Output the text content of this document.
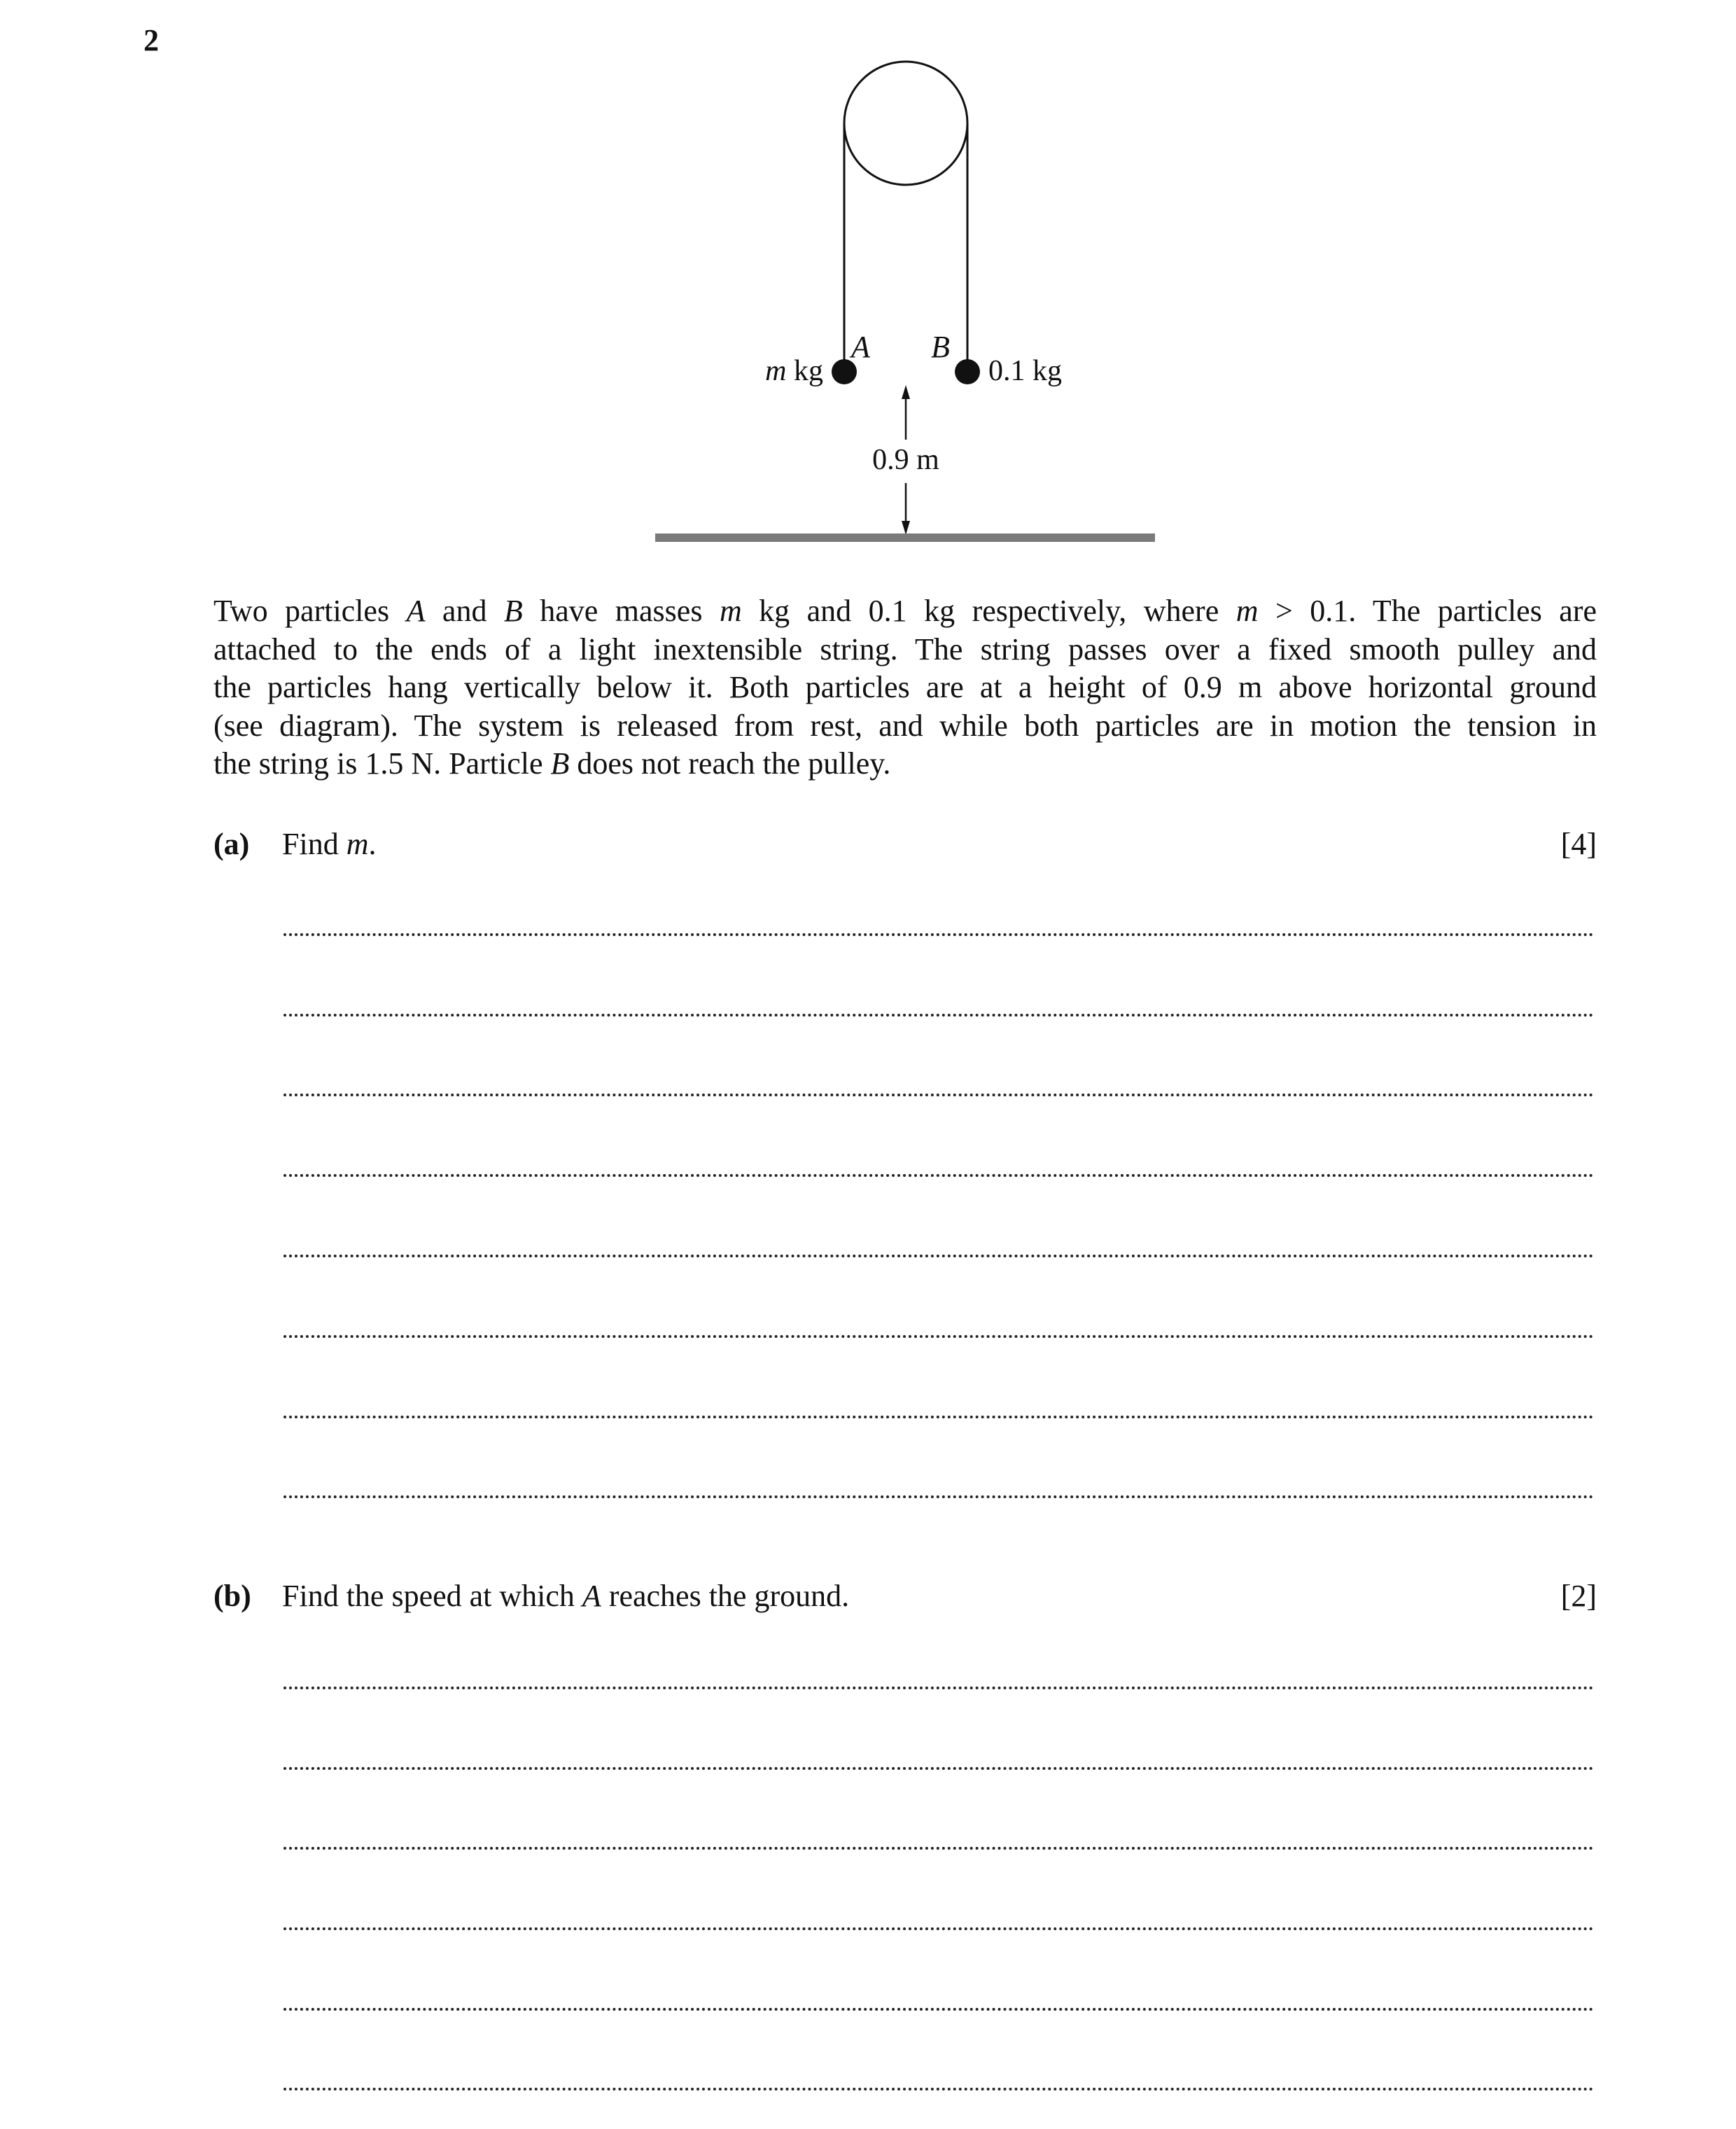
2
A B
m kg	0.1 kg
0.9 m
Two particles A and B have masses m kg and 0.1 kg respectively, where m > 0.1. The particles are
attached to the ends of a light inextensible string. The string passes over a fixed smooth pulley and
the particles hang vertically below it. Both particles are at a height of 0.9 m above horizontal ground
(see diagram). The system is released from rest, and while both particles are in motion the tension in
the string is 1.5 N. Particle B does not reach the pulley.
(a) Find m.	[4]
(b) Find the speed at which A reaches the ground.	[2]
